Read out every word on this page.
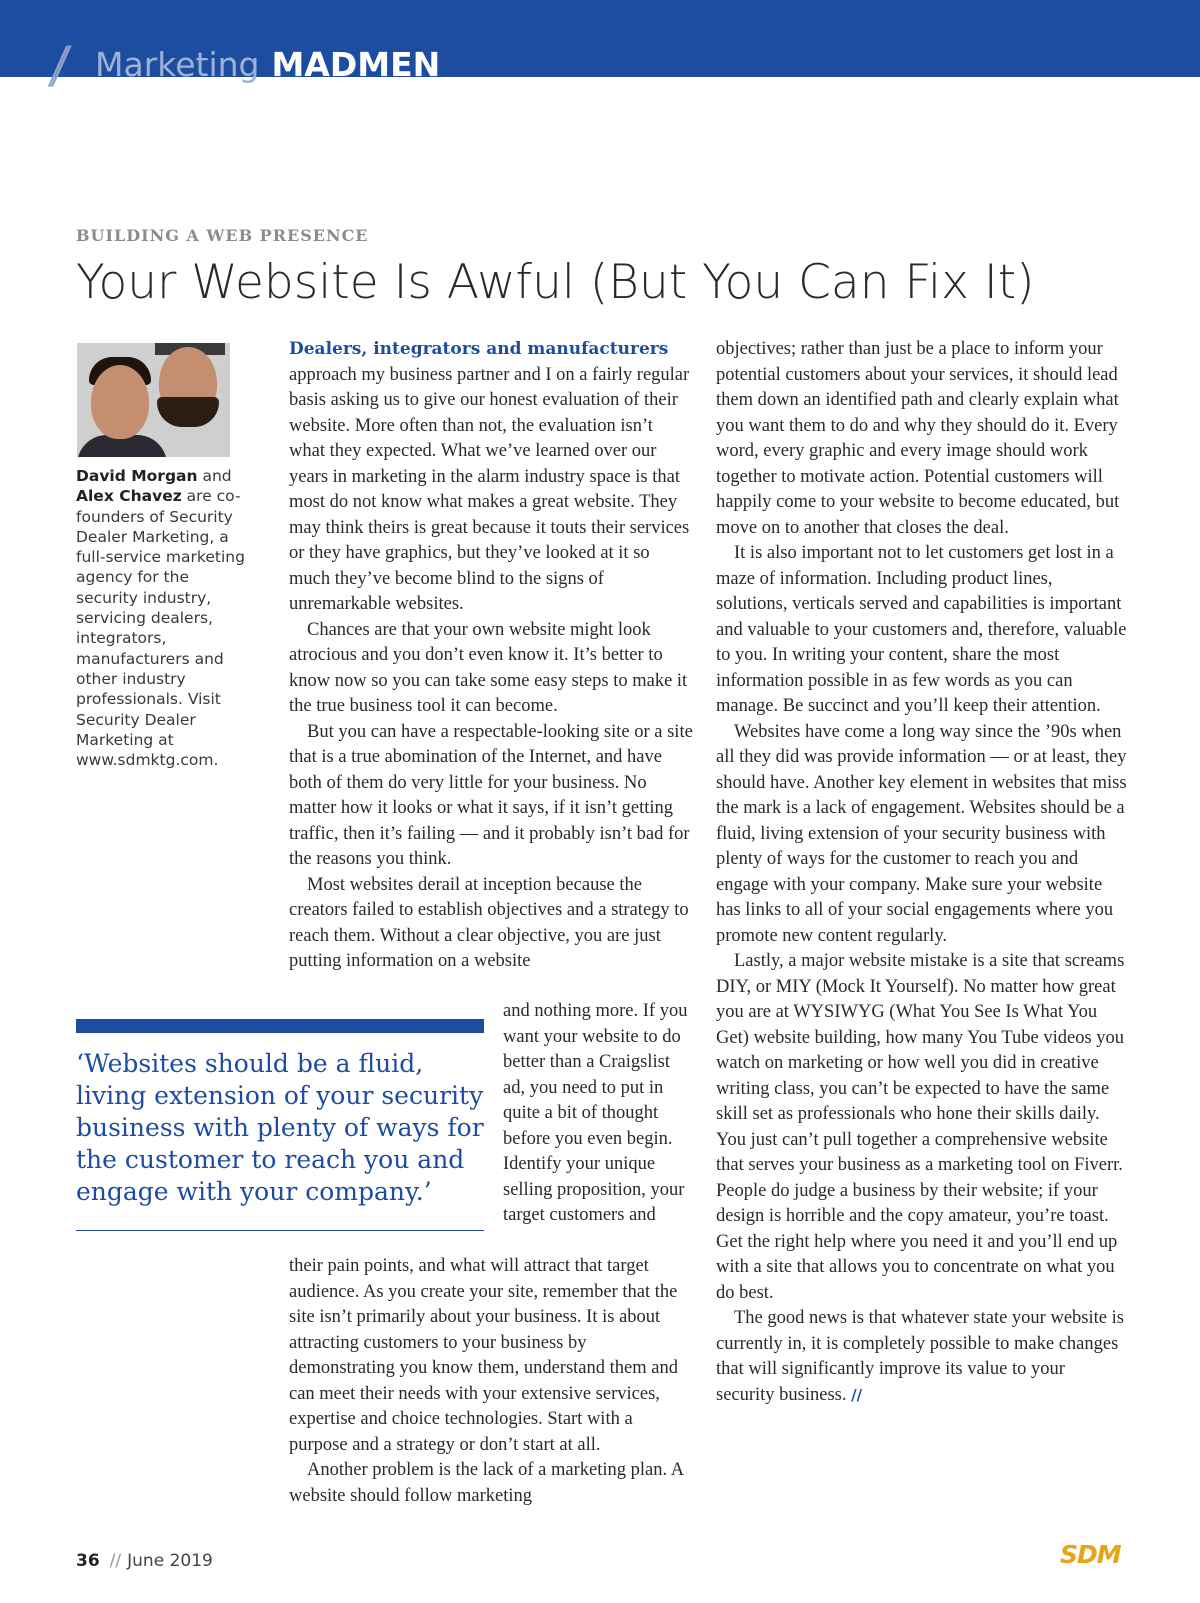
// Marketing MADMEN
BUILDING A WEB PRESENCE
Your Website Is Awful (But You Can Fix It)
David Morgan and Alex Chavez are co-founders of Security Dealer Marketing, a full-service marketing agency for the security industry, servicing dealers, integrators, manufacturers and other industry professionals. Visit Security Dealer Marketing at www.sdmktg.com.

Dealers, integrators and manufacturers approach my business partner and I on a fairly regular basis asking us to give our honest evaluation of their website. More often than not, the evaluation isn’t what they expected. What we’ve learned over our years in marketing in the alarm industry space is that most do not know what makes a great website. They may think theirs is great because it touts their services or they have graphics, but they’ve looked at it so much they’ve become blind to the signs of unremarkable websites.

Chances are that your own website might look atrocious and you don’t even know it. It’s better to know now so you can take some easy steps to make it the true business tool it can become.

But you can have a respectable-looking site or a site that is a true abomination of the Internet, and have both of them do very little for your business. No matter how it looks or what it says, if it isn’t getting traffic, then it’s failing — and it probably isn’t bad for the reasons you think.

Most websites derail at inception because the creators failed to establish objectives and a strategy to reach them. Without a clear objective, you are just putting information on a website

and nothing more. If you want your website to do better than a Craigslist ad, you need to put in quite a bit of thought before you even begin. Identify your unique selling proposition, your target customers and

their pain points, and what will attract that target audience. As you create your site, remember that the site isn’t primarily about your business. It is about attracting customers to your business by demonstrating you know them, understand them and can meet their needs with your extensive services, expertise and choice technologies. Start with a purpose and a strategy or don’t start at all.

Another problem is the lack of a marketing plan. A website should follow marketing

objectives; rather than just be a place to inform your potential customers about your services, it should lead them down an identified path and clearly explain what you want them to do and why they should do it. Every word, every graphic and every image should work together to motivate action. Potential customers will happily come to your website to become educated, but move on to another that closes the deal.

It is also important not to let customers get lost in a maze of information. Including product lines, solutions, verticals served and capabilities is important and valuable to your customers and, therefore, valuable to you. In writing your content, share the most information possible in as few words as you can manage. Be succinct and you’ll keep their attention.

Websites have come a long way since the ’90s when all they did was provide information — or at least, they should have. Another key element in websites that miss the mark is a lack of engagement. Websites should be a fluid, living extension of your security business with plenty of ways for the customer to reach you and engage with your company. Make sure your website has links to all of your social engagements where you promote new content regularly.

Lastly, a major website mistake is a site that screams DIY, or MIY (Mock It Yourself). No matter how great you are at WYSIWYG (What You See Is What You Get) website building, how many You Tube videos you watch on marketing or how well you did in creative writing class, you can’t be expected to have the same skill set as professionals who hone their skills daily. You just can’t pull together a comprehensive website that serves your business as a marketing tool on Fiverr. People do judge a business by their website; if your design is horrible and the copy amateur, you’re toast. Get the right help where you need it and you’ll end up with a site that allows you to concentrate on what you do best.

The good news is that whatever state your website is currently in, it is completely possible to make changes that will significantly improve its value to your security business. //

‘Websites should be a fluid, living extension of your security business with plenty of ways for the customer to reach you and engage with your company.’
36 // June 2019	SDM
